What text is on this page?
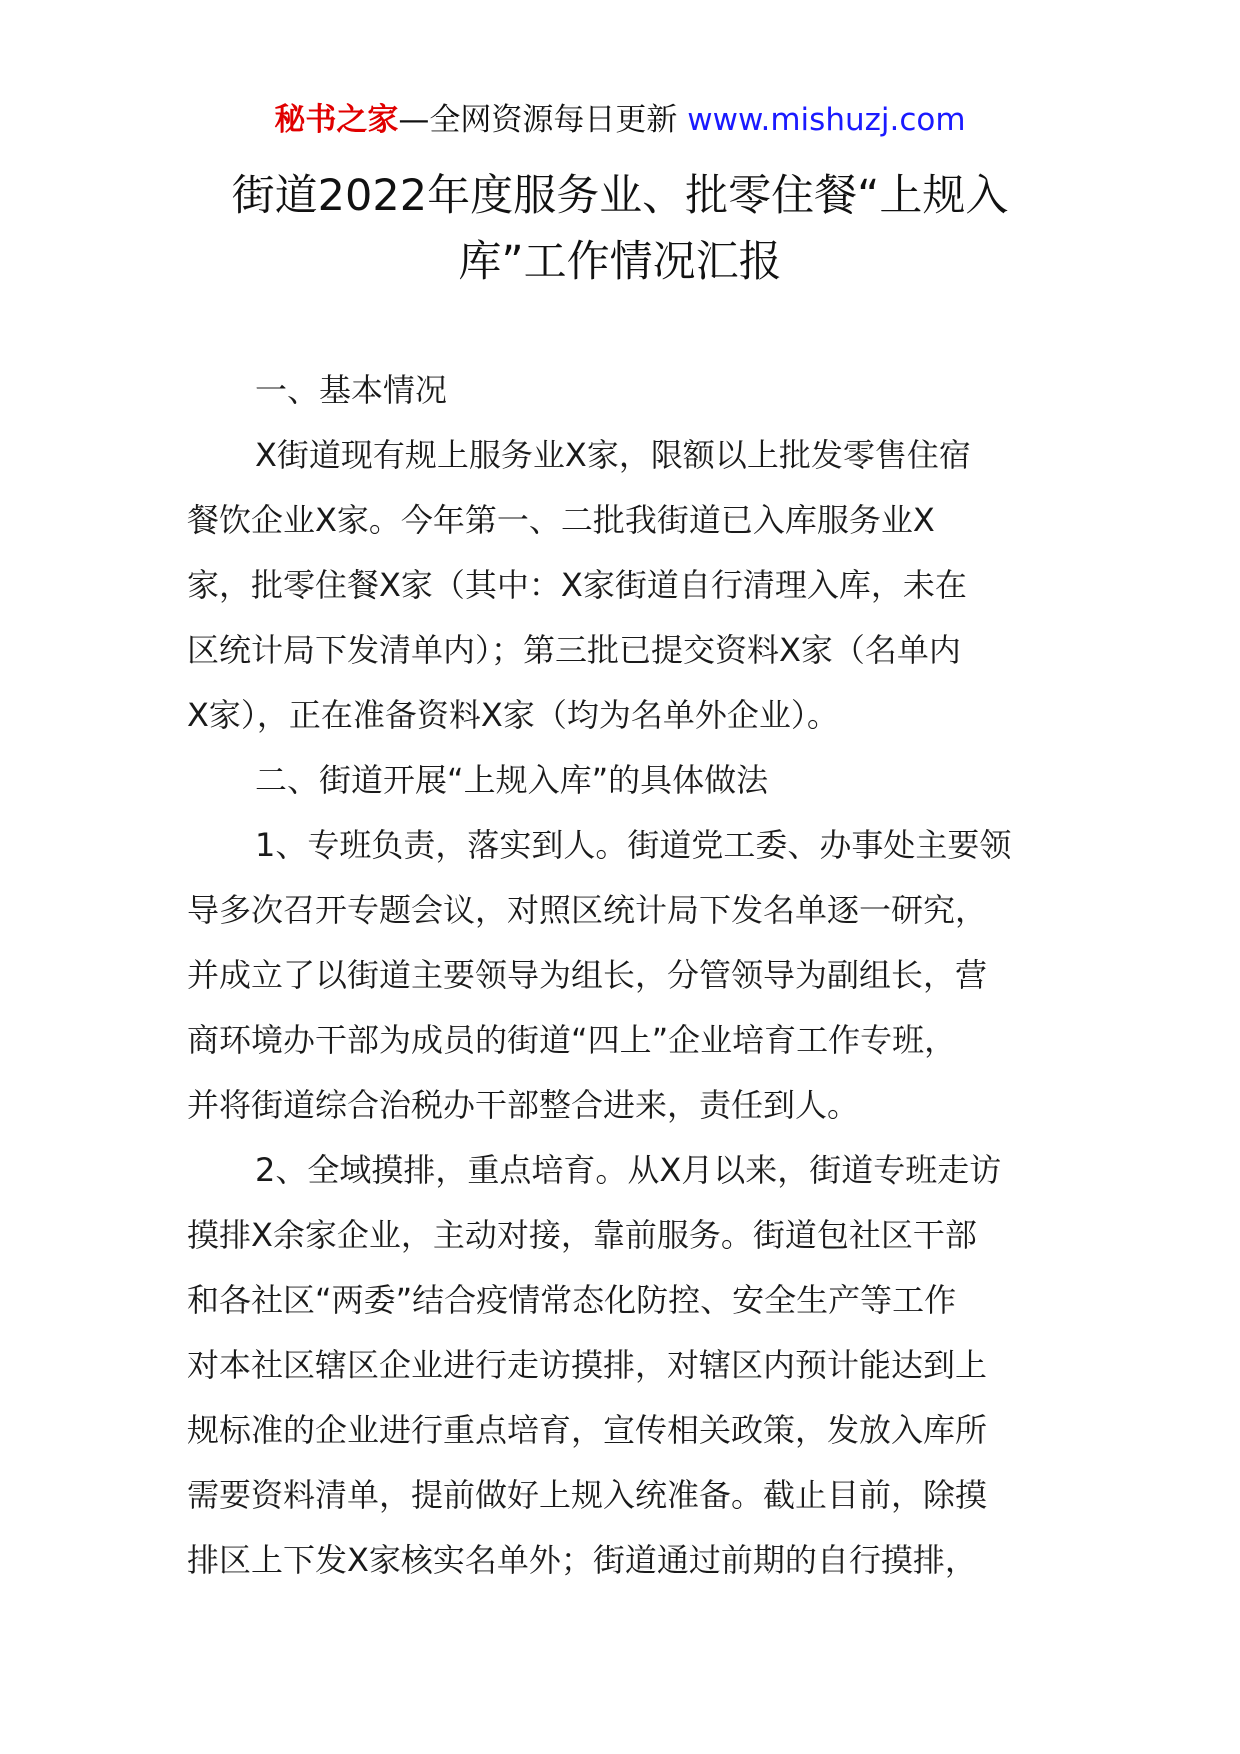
秘书之家—全网资源每日更新 www.mishuzj.com
街道2022年度服务业、批零住餐“上规入
库”工作情况汇报
一、基本情况
X街道现有规上服务业X家，限额以上批发零售住宿
餐饮企业X家。今年第一、二批我街道已入库服务业X
家，批零住餐X家（其中：X家街道自行清理入库，未在
区统计局下发清单内）；第三批已提交资料X家（名单内
X家），正在准备资料X家（均为名单外企业）。
二、街道开展“上规入库”的具体做法
1、专班负责，落实到人。街道党工委、办事处主要领
导多次召开专题会议，对照区统计局下发名单逐一研究，
并成立了以街道主要领导为组长，分管领导为副组长，营
商环境办干部为成员的街道“四上”企业培育工作专班，
并将街道综合治税办干部整合进来，责任到人。
2、全域摸排，重点培育。从X月以来，街道专班走访
摸排X余家企业，主动对接，靠前服务。街道包社区干部
和各社区“两委”结合疫情常态化防控、安全生产等工作
对本社区辖区企业进行走访摸排，对辖区内预计能达到上
规标准的企业进行重点培育，宣传相关政策，发放入库所
需要资料清单，提前做好上规入统准备。截止目前，除摸
排区上下发X家核实名单外；街道通过前期的自行摸排，
